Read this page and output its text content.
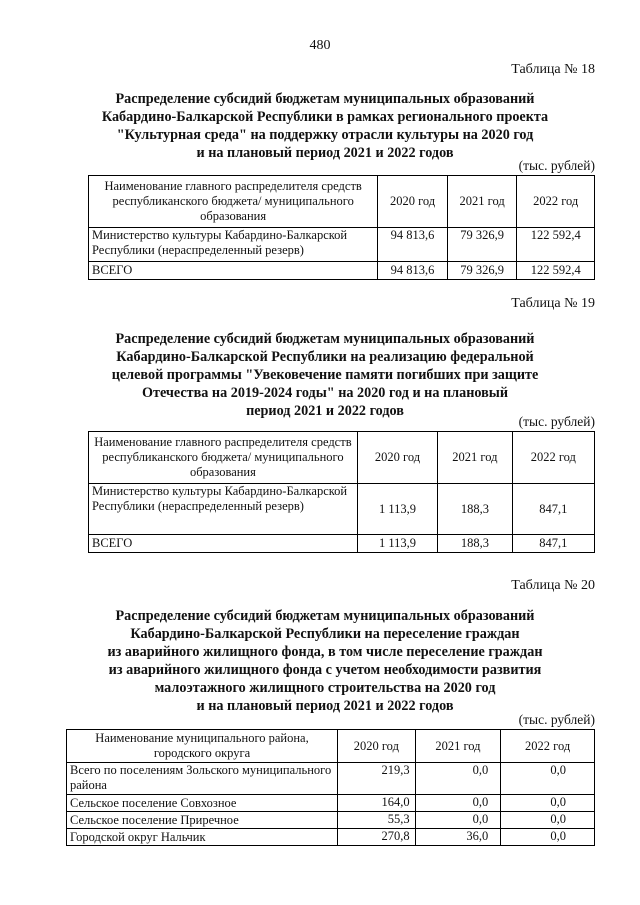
480
Таблица № 18
Распределение субсидий бюджетам муниципальных образований
Кабардино-Балкарской Республики в рамках регионального проекта
"Культурная среда" на поддержку отрасли культуры на 2020 год
и на плановый период 2021 и 2022 годов
(тыс. рублей)
Наименование главного распределителя средств республиканского бюджета/ муниципального образования	2020 год	2021 год	2022 год
Министерство культуры Кабардино-Балкарской Республики (нераспределенный резерв)	94 813,6	79 326,9	122 592,4
ВСЕГО	94 813,6	79 326,9	122 592,4
Таблица № 19
Распределение субсидий бюджетам муниципальных образований
Кабардино-Балкарской Республики на реализацию федеральной
целевой программы "Увековечение памяти погибших при защите
Отечества на 2019-2024 годы" на 2020 год и на плановый
период 2021 и 2022 годов
(тыс. рублей)
Наименование главного распределителя средств республиканского бюджета/ муниципального образования	2020 год	2021 год	2022 год
Министерство культуры Кабардино-Балкарской Республики (нераспределенный резерв)	1 113,9	188,3	847,1
ВСЕГО	1 113,9	188,3	847,1
Таблица № 20
Распределение субсидий бюджетам муниципальных образований
Кабардино-Балкарской Республики на переселение граждан
из аварийного жилищного фонда, в том числе переселение граждан
из аварийного жилищного фонда с учетом необходимости развития
малоэтажного жилищного строительства на 2020 год
и на плановый период 2021 и 2022 годов
(тыс. рублей)
Наименование муниципального района, городского округа	2020 год	2021 год	2022 год
Всего по поселениям Зольского муниципального района	219,3	0,0	0,0
Сельское поселение Совхозное	164,0	0,0	0,0
Сельское поселение Приречное	55,3	0,0	0,0
Городской округ Нальчик	270,8	36,0	0,0
